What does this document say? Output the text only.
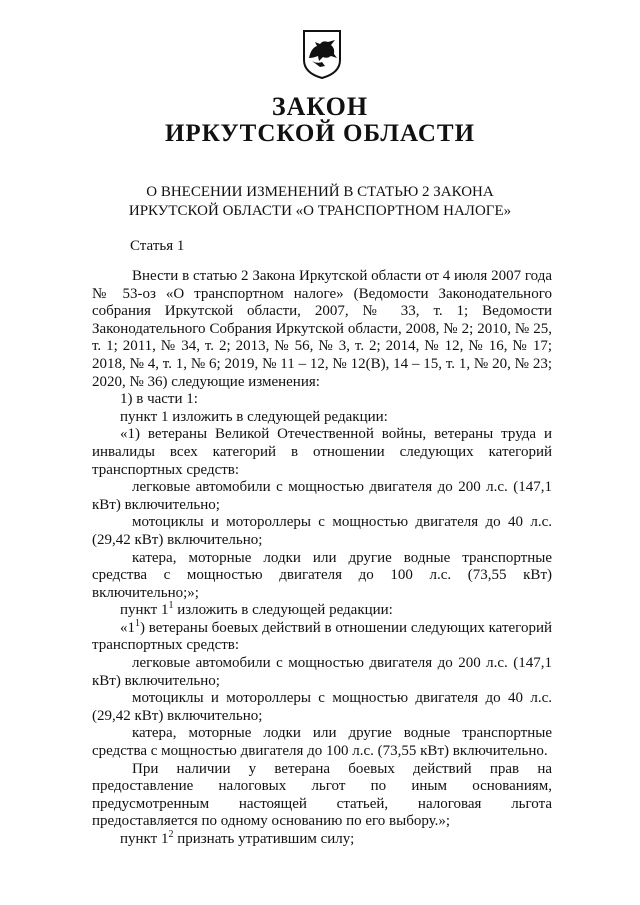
ЗАКОН
ИРКУТСКОЙ ОБЛАСТИ
О ВНЕСЕНИИ ИЗМЕНЕНИЙ В СТАТЬЮ 2 ЗАКОНА
ИРКУТСКОЙ ОБЛАСТИ «О ТРАНСПОРТНОМ НАЛОГЕ»
Статья 1

Внести в статью 2 Закона Иркутской области от 4 июля 2007 года № 53-оз «О транспортном налоге» (Ведомости Законодательного собрания Иркутской области, 2007, № 33, т. 1; Ведомости Законодательного Собрания Иркутской области, 2008, № 2; 2010, № 25, т. 1; 2011, № 34, т. 2; 2013, № 56, № 3, т. 2; 2014, № 12, № 16, № 17; 2018, № 4, т. 1, № 6; 2019, № 11 – 12, № 12(В), 14 – 15, т. 1, № 20, № 23; 2020, № 36) следующие изменения:

1) в части 1:

пункт 1 изложить в следующей редакции:

«1) ветераны Великой Отечественной войны, ветераны труда и инвалиды всех категорий в отношении следующих категорий транспортных средств:

легковые автомобили с мощностью двигателя до 200 л.с. (147,1 кВт) включительно;

мотоциклы и мотороллеры с мощностью двигателя до 40 л.с. (29,42 кВт) включительно;

катера, моторные лодки или другие водные транспортные средства с мощностью двигателя до 100 л.с. (73,55 кВт) включительно;»;

пункт $1^1$ изложить в следующей редакции:

«$1^1$) ветераны боевых действий в отношении следующих категорий транспортных средств:

легковые автомобили с мощностью двигателя до 200 л.с. (147,1 кВт) включительно;

мотоциклы и мотороллеры с мощностью двигателя до 40 л.с. (29,42 кВт) включительно;

катера, моторные лодки или другие водные транспортные средства с мощностью двигателя до 100 л.с. (73,55 кВт) включительно.

При наличии у ветерана боевых действий прав на предоставление налоговых льгот по иным основаниям, предусмотренным настоящей статьей, налоговая льгота предоставляется по одному основанию по его выбору.»;

пункт $1^2$ признать утратившим силу;
